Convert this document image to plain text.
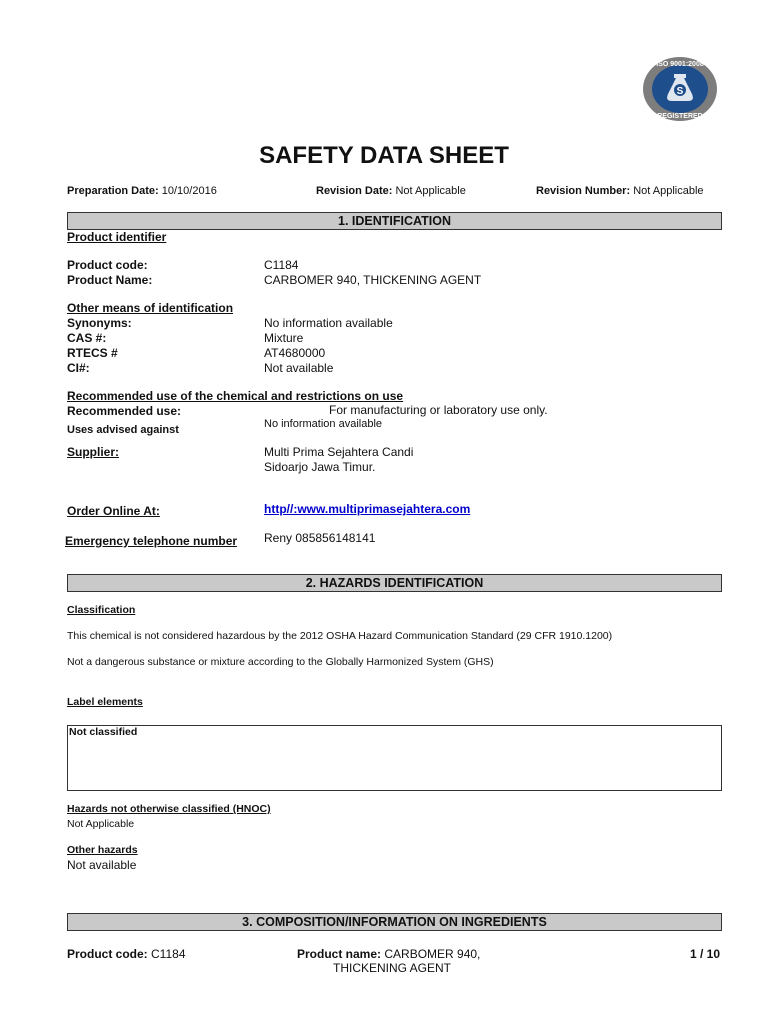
S
ISO 9001:2008
REGISTERED
SAFETY DATA SHEET
Preparation Date: 10/10/2016	Revision Date: Not Applicable	Revision Number: Not Applicable
1. IDENTIFICATION
Product identifier
Product code:	C1184
Product Name:	CARBOMER 940, THICKENING AGENT
Other means of identification
Synonyms:	No information available
CAS #:	Mixture
RTECS #	AT4680000
CI#:	Not available
Recommended use of the chemical and restrictions on use
Recommended use:	For manufacturing or laboratory use only.
Uses advised against	No information available
Supplier:	Multi Prima Sejahtera Candi
Sidoarjo Jawa Timur.
Order Online At:	http//:www.multiprimasejahtera.com
Emergency telephone number Reny 085856148141
2. HAZARDS IDENTIFICATION
Classification
This chemical is not considered hazardous by the 2012 OSHA Hazard Communication Standard (29 CFR 1910.1200)
Not a dangerous substance or mixture according to the Globally Harmonized System (GHS)
Label elements
Not classified
Hazards not otherwise classified (HNOC)
Not Applicable
Other hazards
Not available
3. COMPOSITION/INFORMATION ON INGREDIENTS
Product code: C1184	Product name: CARBOMER 940,
THICKENING AGENT
1 / 10
